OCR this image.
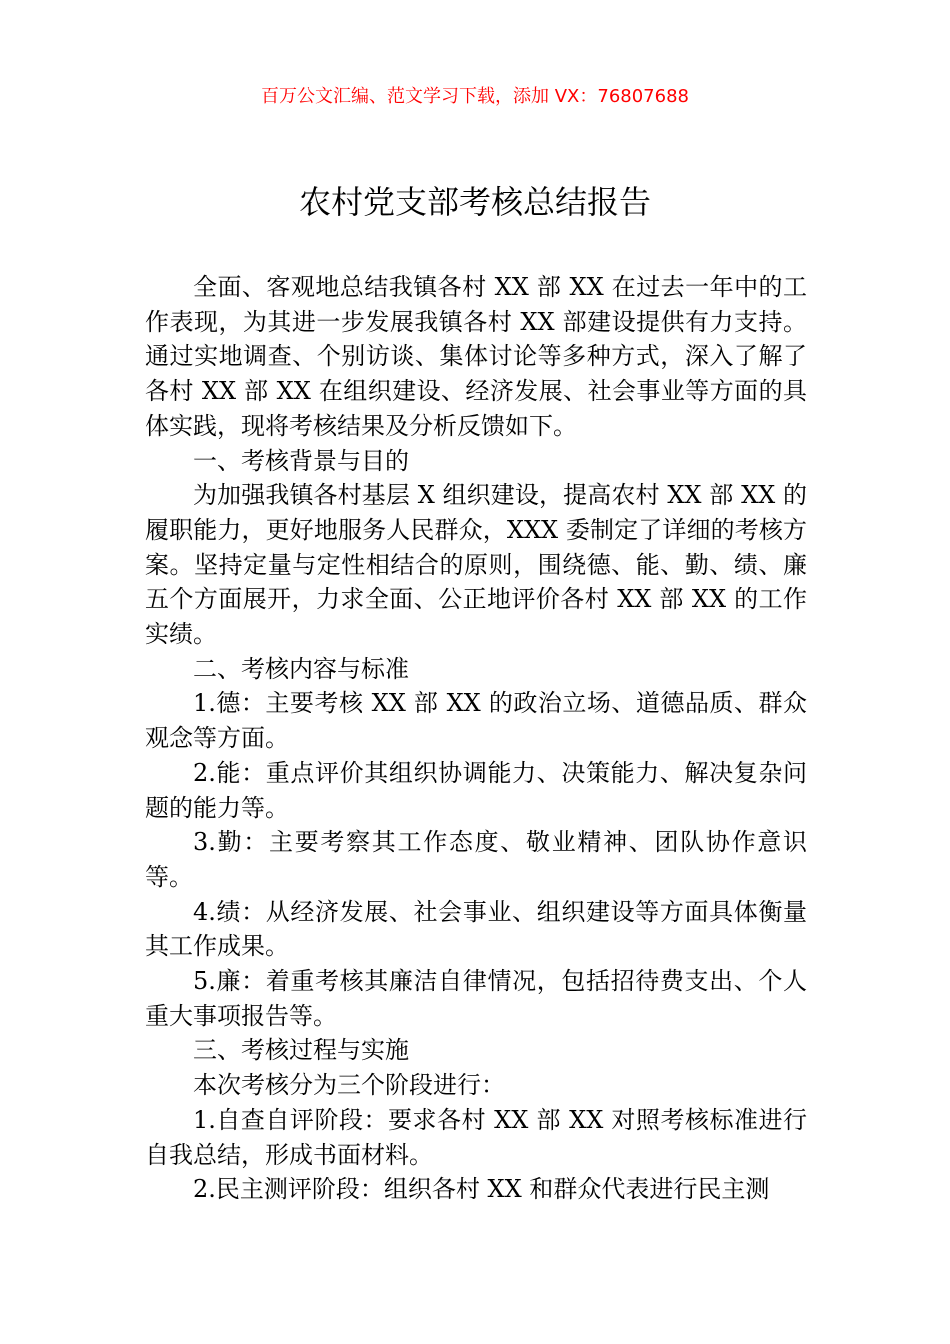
百万公文汇编、范文学习下载，添加 VX：76807688
农村党支部考核总结报告

全面、客观地总结我镇各村 XX 部 XX 在过去一年中的工作表现，为其进一步发展我镇各村 XX 部建设提供有力支持。通过实地调查、个别访谈、集体讨论等多种方式，深入了解了各村 XX 部 XX 在组织建设、经济发展、社会事业等方面的具体实践，现将考核结果及分析反馈如下。

一、考核背景与目的

为加强我镇各村基层 X 组织建设，提高农村 XX 部 XX 的履职能力，更好地服务人民群众，XXX 委制定了详细的考核方案。坚持定量与定性相结合的原则，围绕德、能、勤、绩、廉五个方面展开，力求全面、公正地评价各村 XX 部 XX 的工作实绩。

二、考核内容与标准

1.德：主要考核 XX 部 XX 的政治立场、道德品质、群众观念等方面。

2.能：重点评价其组织协调能力、决策能力、解决复杂问题的能力等。

3.勤：主要考察其工作态度、敬业精神、团队协作意识等。

4.绩：从经济发展、社会事业、组织建设等方面具体衡量其工作成果。

5.廉：着重考核其廉洁自律情况，包括招待费支出、个人重大事项报告等。

三、考核过程与实施

本次考核分为三个阶段进行：

1.自查自评阶段：要求各村 XX 部 XX 对照考核标准进行自我总结，形成书面材料。

2.民主测评阶段：组织各村 XX 和群众代表进行民主测
